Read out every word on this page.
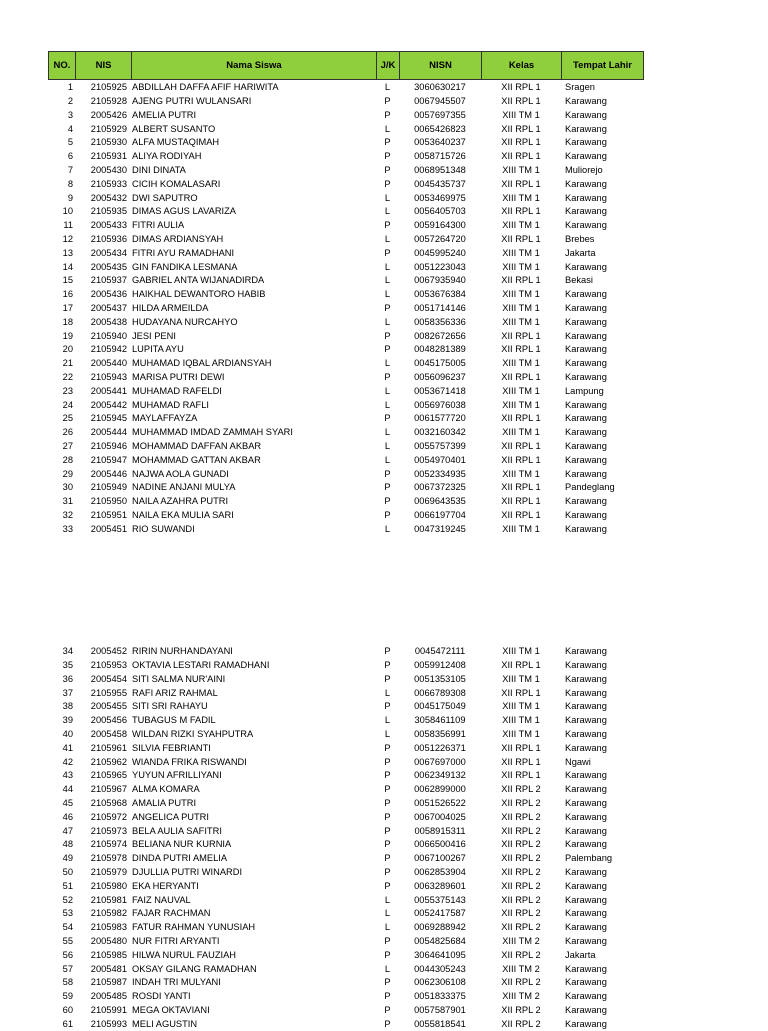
NO.	NIS	Nama Siswa	J/K	NISN	Kelas	Tempat Lahir
1	2105925 ABDILLAH DAFFA AFIF HARIWITA	L	3060630217	XII RPL 1	Sragen
2	2105928 AJENG PUTRI WULANSARI	P	0067945507	XII RPL 1	Karawang
3	2005426 AMELIA PUTRI	P	0057697355	XIII TM 1	Karawang
4	2105929 ALBERT SUSANTO	L	0065426823	XII RPL 1	Karawang
5	2105930 ALFA MUSTAQIMAH	P	0053640237	XII RPL 1	Karawang
6	2105931 ALIYA RODIYAH	P	0058715726	XII RPL 1	Karawang
7	2005430 DINI DINATA	P	0068951348	XIII TM 1	Muliorejo
8	2105933 CICIH KOMALASARI	P	0045435737	XII RPL 1	Karawang
9	2005432 DWI SAPUTRO	L	0053469975	XIII TM 1	Karawang
10	2105935 DIMAS AGUS LAVARIZA	L	0056405703	XII RPL 1	Karawang
11	2005433 FITRI AULIA	P	0059164300	XIII TM 1	Karawang
12	2105936 DIMAS ARDIANSYAH	L	0057264720	XII RPL 1	Brebes
13	2005434 FITRI AYU RAMADHANI	P	0045995240	XIII TM 1	Jakarta
14	2005435 GIN FANDIKA LESMANA	L	0051223043	XIII TM 1	Karawang
15	2105937 GABRIEL ANTA WIJANADIRDA	L	0067935940	XII RPL 1	Bekasi
16	2005436 HAIKHAL DEWANTORO HABIB	L	0053676384	XIII TM 1	Karawang
17	2005437 HILDA ARMEILDA	P	0051714146	XIII TM 1	Karawang
18	2005438 HUDAYANA NURCAHYO	L	0058356336	XIII TM 1	Karawang
19	2105940 JESI PENI	P	0082672656	XII RPL 1	Karawang
20	2105942 LUPITA AYU	P	0048281389	XII RPL 1	Karawang
21	2005440 MUHAMAD IQBAL ARDIANSYAH	L	0045175005	XIII TM 1	Karawang
22	2105943 MARISA PUTRI DEWI	P	0056096237	XII RPL 1	Karawang
23	2005441 MUHAMAD RAFELDI	L	0053671418	XIII TM 1	Lampung
24	2005442 MUHAMAD RAFLI	L	0056976038	XIII TM 1	Karawang
25	2105945 MAYLAFFAYZA	P	0061577720	XII RPL 1	Karawang
26	2005444 MUHAMMAD IMDAD ZAMMAH SYARI	L	0032160342	XIII TM 1	Karawang
27	2105946 MOHAMMAD DAFFAN AKBAR	L	0055757399	XII RPL 1	Karawang
28	2105947 MOHAMMAD GATTAN AKBAR	L	0054970401	XII RPL 1	Karawang
29	2005446 NAJWA AOLA GUNADI	P	0052334935	XIII TM 1	Karawang
30	2105949 NADINE ANJANI MULYA	P	0067372325	XII RPL 1	Pandeglang
31	2105950 NAILA AZAHRA PUTRI	P	0069643535	XII RPL 1	Karawang
32	2105951 NAILA EKA MULIA SARI	P	0066197704	XII RPL 1	Karawang
33	2005451 RIO SUWANDI	L	0047319245	XIII TM 1	Karawang
34	2005452 RIRIN NURHANDAYANI	P	0045472111	XIII TM 1	Karawang
35	2105953 OKTAVIA LESTARI RAMADHANI	P	0059912408	XII RPL 1	Karawang
36	2005454 SITI SALMA NUR'AINI	P	0051353105	XIII TM 1	Karawang
37	2105955 RAFI ARIZ RAHMAL	L	0066789308	XII RPL 1	Karawang
38	2005455 SITI SRI RAHAYU	P	0045175049	XIII TM 1	Karawang
39	2005456 TUBAGUS M FADIL	L	3058461109	XIII TM 1	Karawang
40	2005458 WILDAN RIZKI SYAHPUTRA	L	0058356991	XIII TM 1	Karawang
41	2105961 SILVIA FEBRIANTI	P	0051226371	XII RPL 1	Karawang
42	2105962 WIANDA FRIKA RISWANDI	P	0067697000	XII RPL 1	Ngawi
43	2105965 YUYUN AFRILLIYANI	P	0062349132	XII RPL 1	Karawang
44	2105967 ALMA KOMARA	P	0062899000	XII RPL 2	Karawang
45	2105968 AMALIA PUTRI	P	0051526522	XII RPL 2	Karawang
46	2105972 ANGELICA PUTRI	P	0067004025	XII RPL 2	Karawang
47	2105973 BELA AULIA SAFITRI	P	0058915311	XII RPL 2	Karawang
48	2105974 BELIANA NUR KURNIA	P	0066500416	XII RPL 2	Karawang
49	2105978 DINDA PUTRI AMELIA	P	0067100267	XII RPL 2	Palembang
50	2105979 DJULLIA PUTRI WINARDI	P	0062853904	XII RPL 2	Karawang
51	2105980 EKA HERYANTI	P	0063289601	XII RPL 2	Karawang
52	2105981 FAIZ NAUVAL	L	0055375143	XII RPL 2	Karawang
53	2105982 FAJAR RACHMAN	L	0052417587	XII RPL 2	Karawang
54	2105983 FATUR RAHMAN YUNUSIAH	L	0069288942	XII RPL 2	Karawang
55	2005480 NUR FITRI ARYANTI	P	0054825684	XIII TM 2	Karawang
56	2105985 HILWA NURUL FAUZIAH	P	3064641095	XII RPL 2	Jakarta
57	2005481 OKSAY GILANG RAMADHAN	L	0044305243	XIII TM 2	Karawang
58	2105987 INDAH TRI MULYANI	P	0062306108	XII RPL 2	Karawang
59	2005485 ROSDI YANTI	P	0051833375	XIII TM 2	Karawang
60	2105991 MEGA OKTAVIANI	P	0057587901	XII RPL 2	Karawang
61	2105993 MELI AGUSTIN	P	0055818541	XII RPL 2	Karawang
